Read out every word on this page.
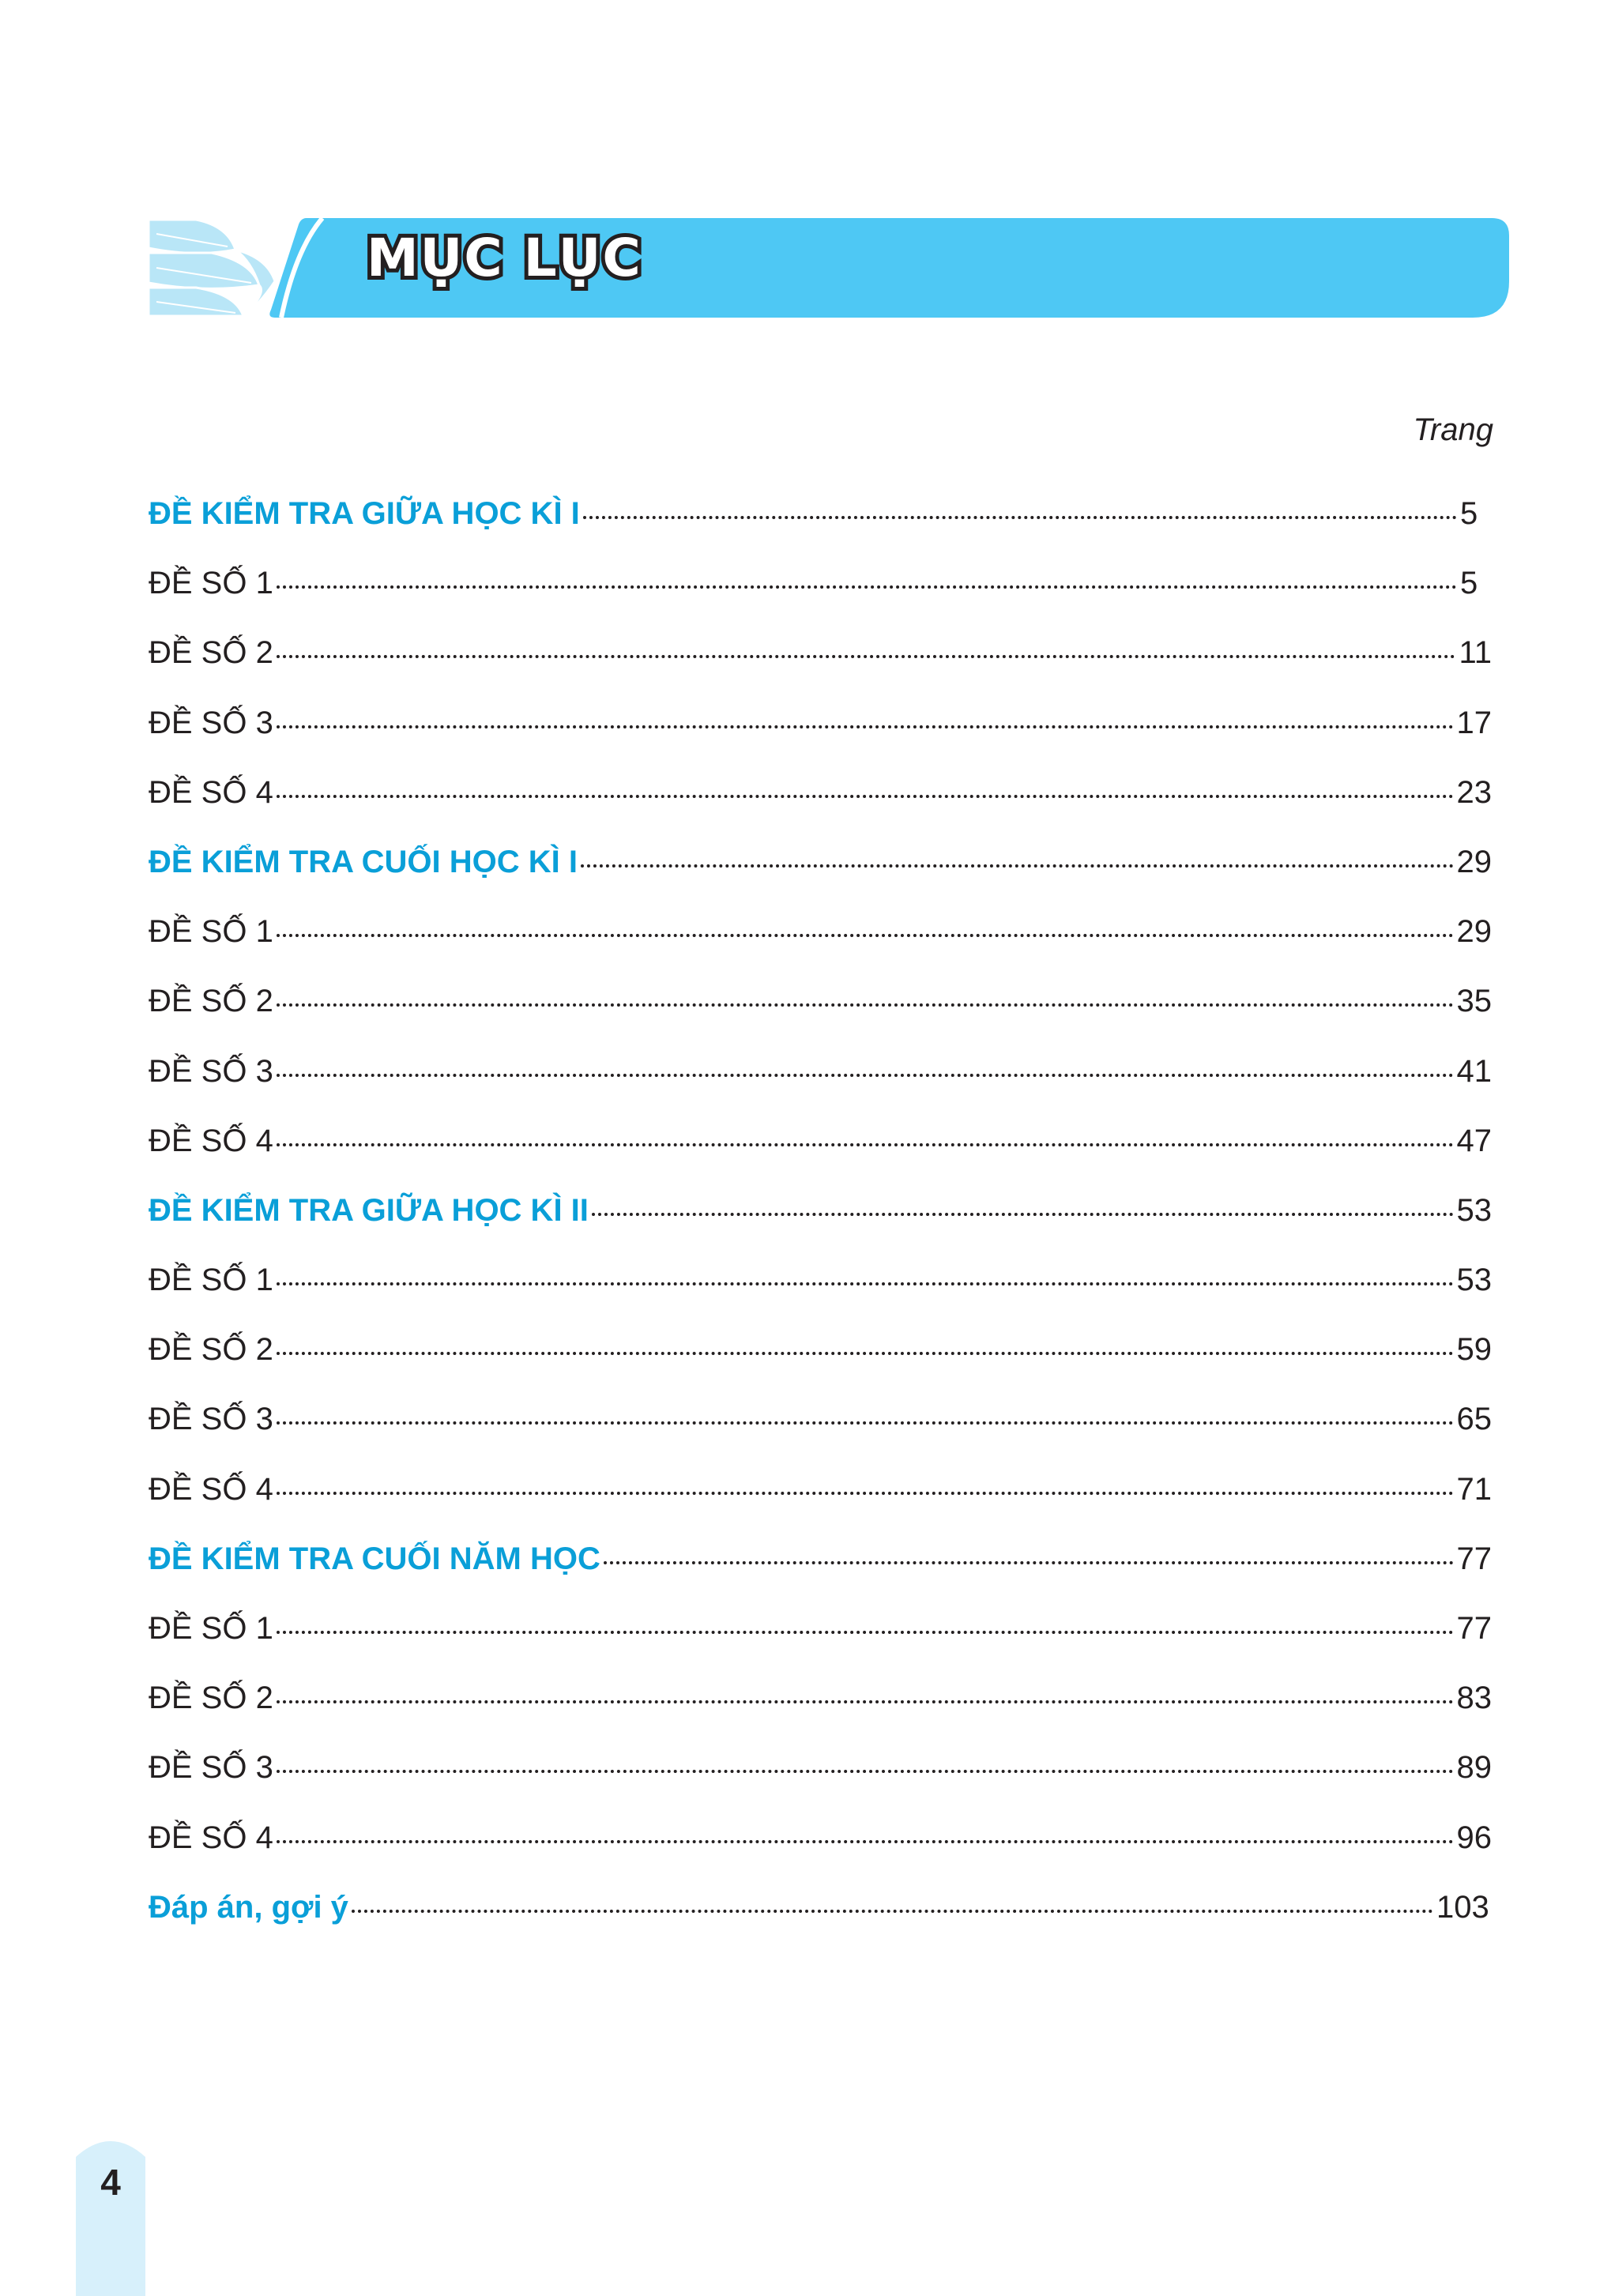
MỤC LỤC
Trang
ĐỀ KIỂM TRA GIỮA HỌC KÌ I	5
ĐỀ SỐ 1	5
ĐỀ SỐ 2	11
ĐỀ SỐ 3	17
ĐỀ SỐ 4	23
ĐỀ KIỂM TRA CUỐI HỌC KÌ I	29
ĐỀ SỐ 1	29
ĐỀ SỐ 2	35
ĐỀ SỐ 3	41
ĐỀ SỐ 4	47
ĐỀ KIỂM TRA GIỮA HỌC KÌ II	53
ĐỀ SỐ 1	53
ĐỀ SỐ 2	59
ĐỀ SỐ 3	65
ĐỀ SỐ 4	71
ĐỀ KIỂM TRA CUỐI NĂM HỌC	77
ĐỀ SỐ 1	77
ĐỀ SỐ 2	83
ĐỀ SỐ 3	89
ĐỀ SỐ 4	96
Đáp án, gợi ý	103
4
